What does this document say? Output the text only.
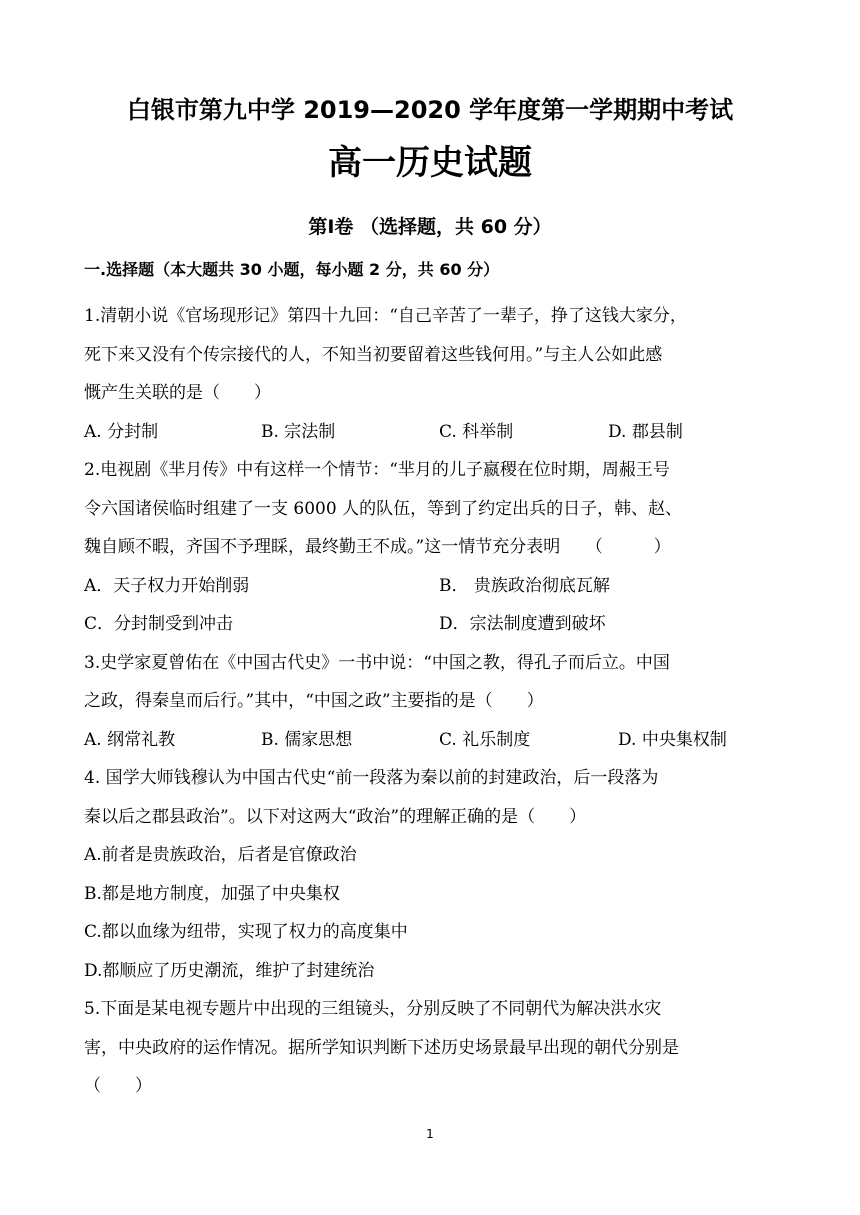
白银市第九中学 2019—2020 学年度第一学期期中考试
高一历史试题
第Ⅰ卷 （选择题，共 60 分）
一.选择题（本大题共 30 小题，每小题 2 分，共 60 分）
1.清朝小说《官场现形记》第四十九回：“自己辛苦了一辈子，挣了这钱大家分，
死下来又没有个传宗接代的人，不知当初要留着这些钱何用。”与主人公如此感
慨产生关联的是（　　）
A. 分封制	B. 宗法制	C. 科举制	D. 郡县制
2.电视剧《芈月传》中有这样一个情节：“芈月的儿子嬴稷在位时期，周赧王号
令六国诸侯临时组建了一支 6000 人的队伍，等到了约定出兵的日子，韩、赵、
魏自顾不暇，齐国不予理睬，最终勤王不成。”这一情节充分表明　　（　　　）
A．天子权力开始削弱	B． 贵族政治彻底瓦解
C．分封制受到冲击	D．宗法制度遭到破坏
3.史学家夏曾佑在《中国古代史》一书中说：“中国之教，得孔子而后立。中国
之政，得秦皇而后行。”其中，“中国之政”主要指的是（　　）
A. 纲常礼教	B. 儒家思想	C. 礼乐制度	D. 中央集权制
4. 国学大师钱穆认为中国古代史“前一段落为秦以前的封建政治，后一段落为
秦以后之郡县政治”。以下对这两大“政治”的理解正确的是（　　）
A.前者是贵族政治，后者是官僚政治
B.都是地方制度，加强了中央集权
C.都以血缘为纽带，实现了权力的高度集中
D.都顺应了历史潮流，维护了封建统治
5.下面是某电视专题片中出现的三组镜头，分别反映了不同朝代为解决洪水灾
害，中央政府的运作情况。据所学知识判断下述历史场景最早出现的朝代分别是
（　　）
1
